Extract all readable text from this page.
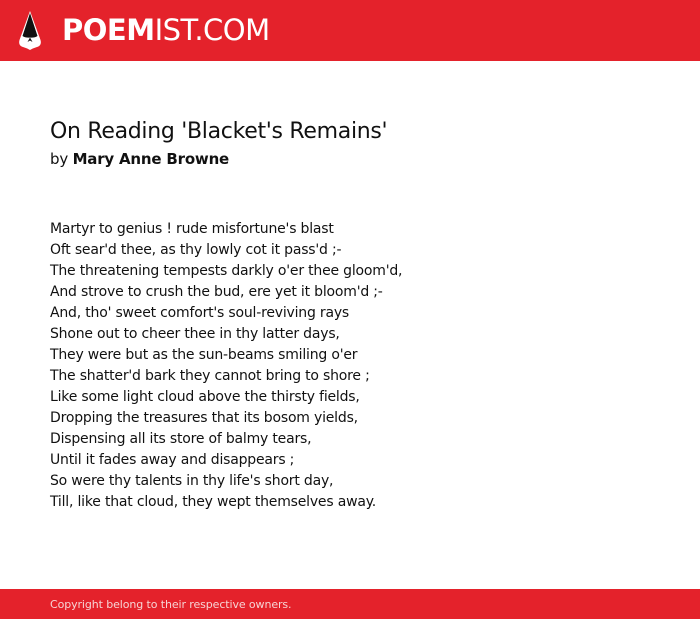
POEMIST.COM
On Reading 'Blacket's Remains'
by Mary Anne Browne
Martyr to genius ! rude misfortune's blast
Oft sear'd thee, as thy lowly cot it pass'd ;-
The threatening tempests darkly o'er thee gloom'd,
And strove to crush the bud, ere yet it bloom'd ;-
And, tho' sweet comfort's soul-reviving rays
Shone out to cheer thee in thy latter days,
They were but as the sun-beams smiling o'er
The shatter'd bark they cannot bring to shore ;
Like some light cloud above the thirsty fields,
Dropping the treasures that its bosom yields,
Dispensing all its store of balmy tears,
Until it fades away and disappears ;
So were thy talents in thy life's short day,
Till, like that cloud, they wept themselves away.
Copyright belong to their respective owners.
